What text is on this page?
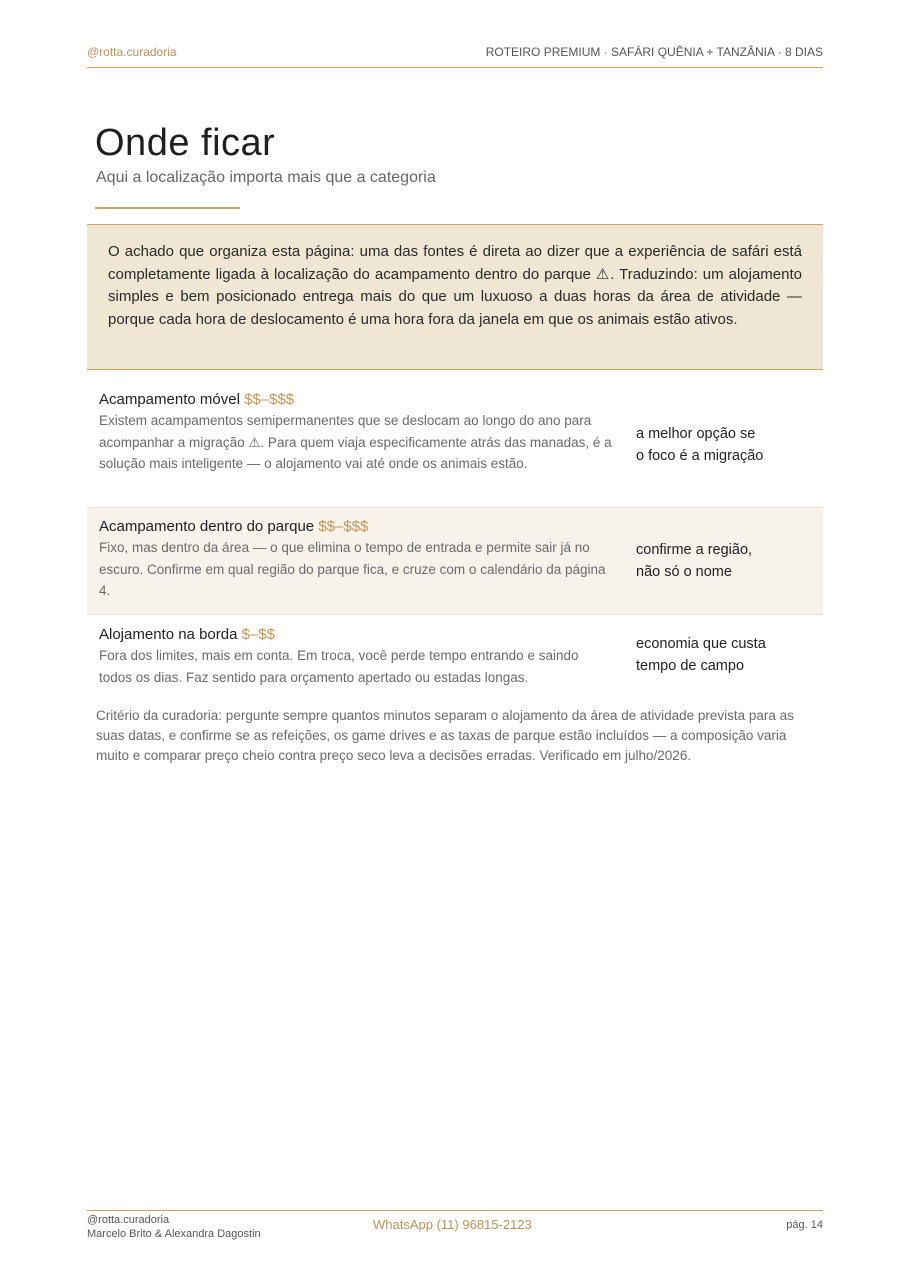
@rotta.curadoria	ROTEIRO PREMIUM · SAFÁRI QUÊNIA + TANZÂNIA · 8 DIAS
Onde ficar
Aqui a localização importa mais que a categoria
O achado que organiza esta página: uma das fontes é direta ao dizer que a experiência de safári está completamente ligada à localização do acampamento dentro do parque ⚠. Traduzindo: um alojamento simples e bem posicionado entrega mais do que um luxuoso a duas horas da área de atividade — porque cada hora de deslocamento é uma hora fora da janela em que os animais estão ativos.
Acampamento móvel $$–$$$
Existem acampamentos semipermanentes que se deslocam ao longo do ano para acompanhar a migração ⚠. Para quem viaja especificamente atrás das manadas, é a solução mais inteligente — o alojamento vai até onde os animais estão.
a melhor opção se
o foco é a migração
Acampamento dentro do parque $$–$$$
Fixo, mas dentro da área — o que elimina o tempo de entrada e permite sair já no escuro. Confirme em qual região do parque fica, e cruze com o calendário da página 4.
confirme a região,
não só o nome
Alojamento na borda $–$$
Fora dos limites, mais em conta. Em troca, você perde tempo entrando e saindo todos os dias. Faz sentido para orçamento apertado ou estadas longas.
economia que custa
tempo de campo
Critério da curadoria: pergunte sempre quantos minutos separam o alojamento da área de atividade prevista para as suas datas, e confirme se as refeições, os game drives e as taxas de parque estão incluídos — a composição varia muito e comparar preço cheio contra preço seco leva a decisões erradas. Verificado em julho/2026.
@rotta.curadoria
Marcelo Brito & Alexandra Dagostin
WhatsApp (11) 96815-2123	pág. 14
